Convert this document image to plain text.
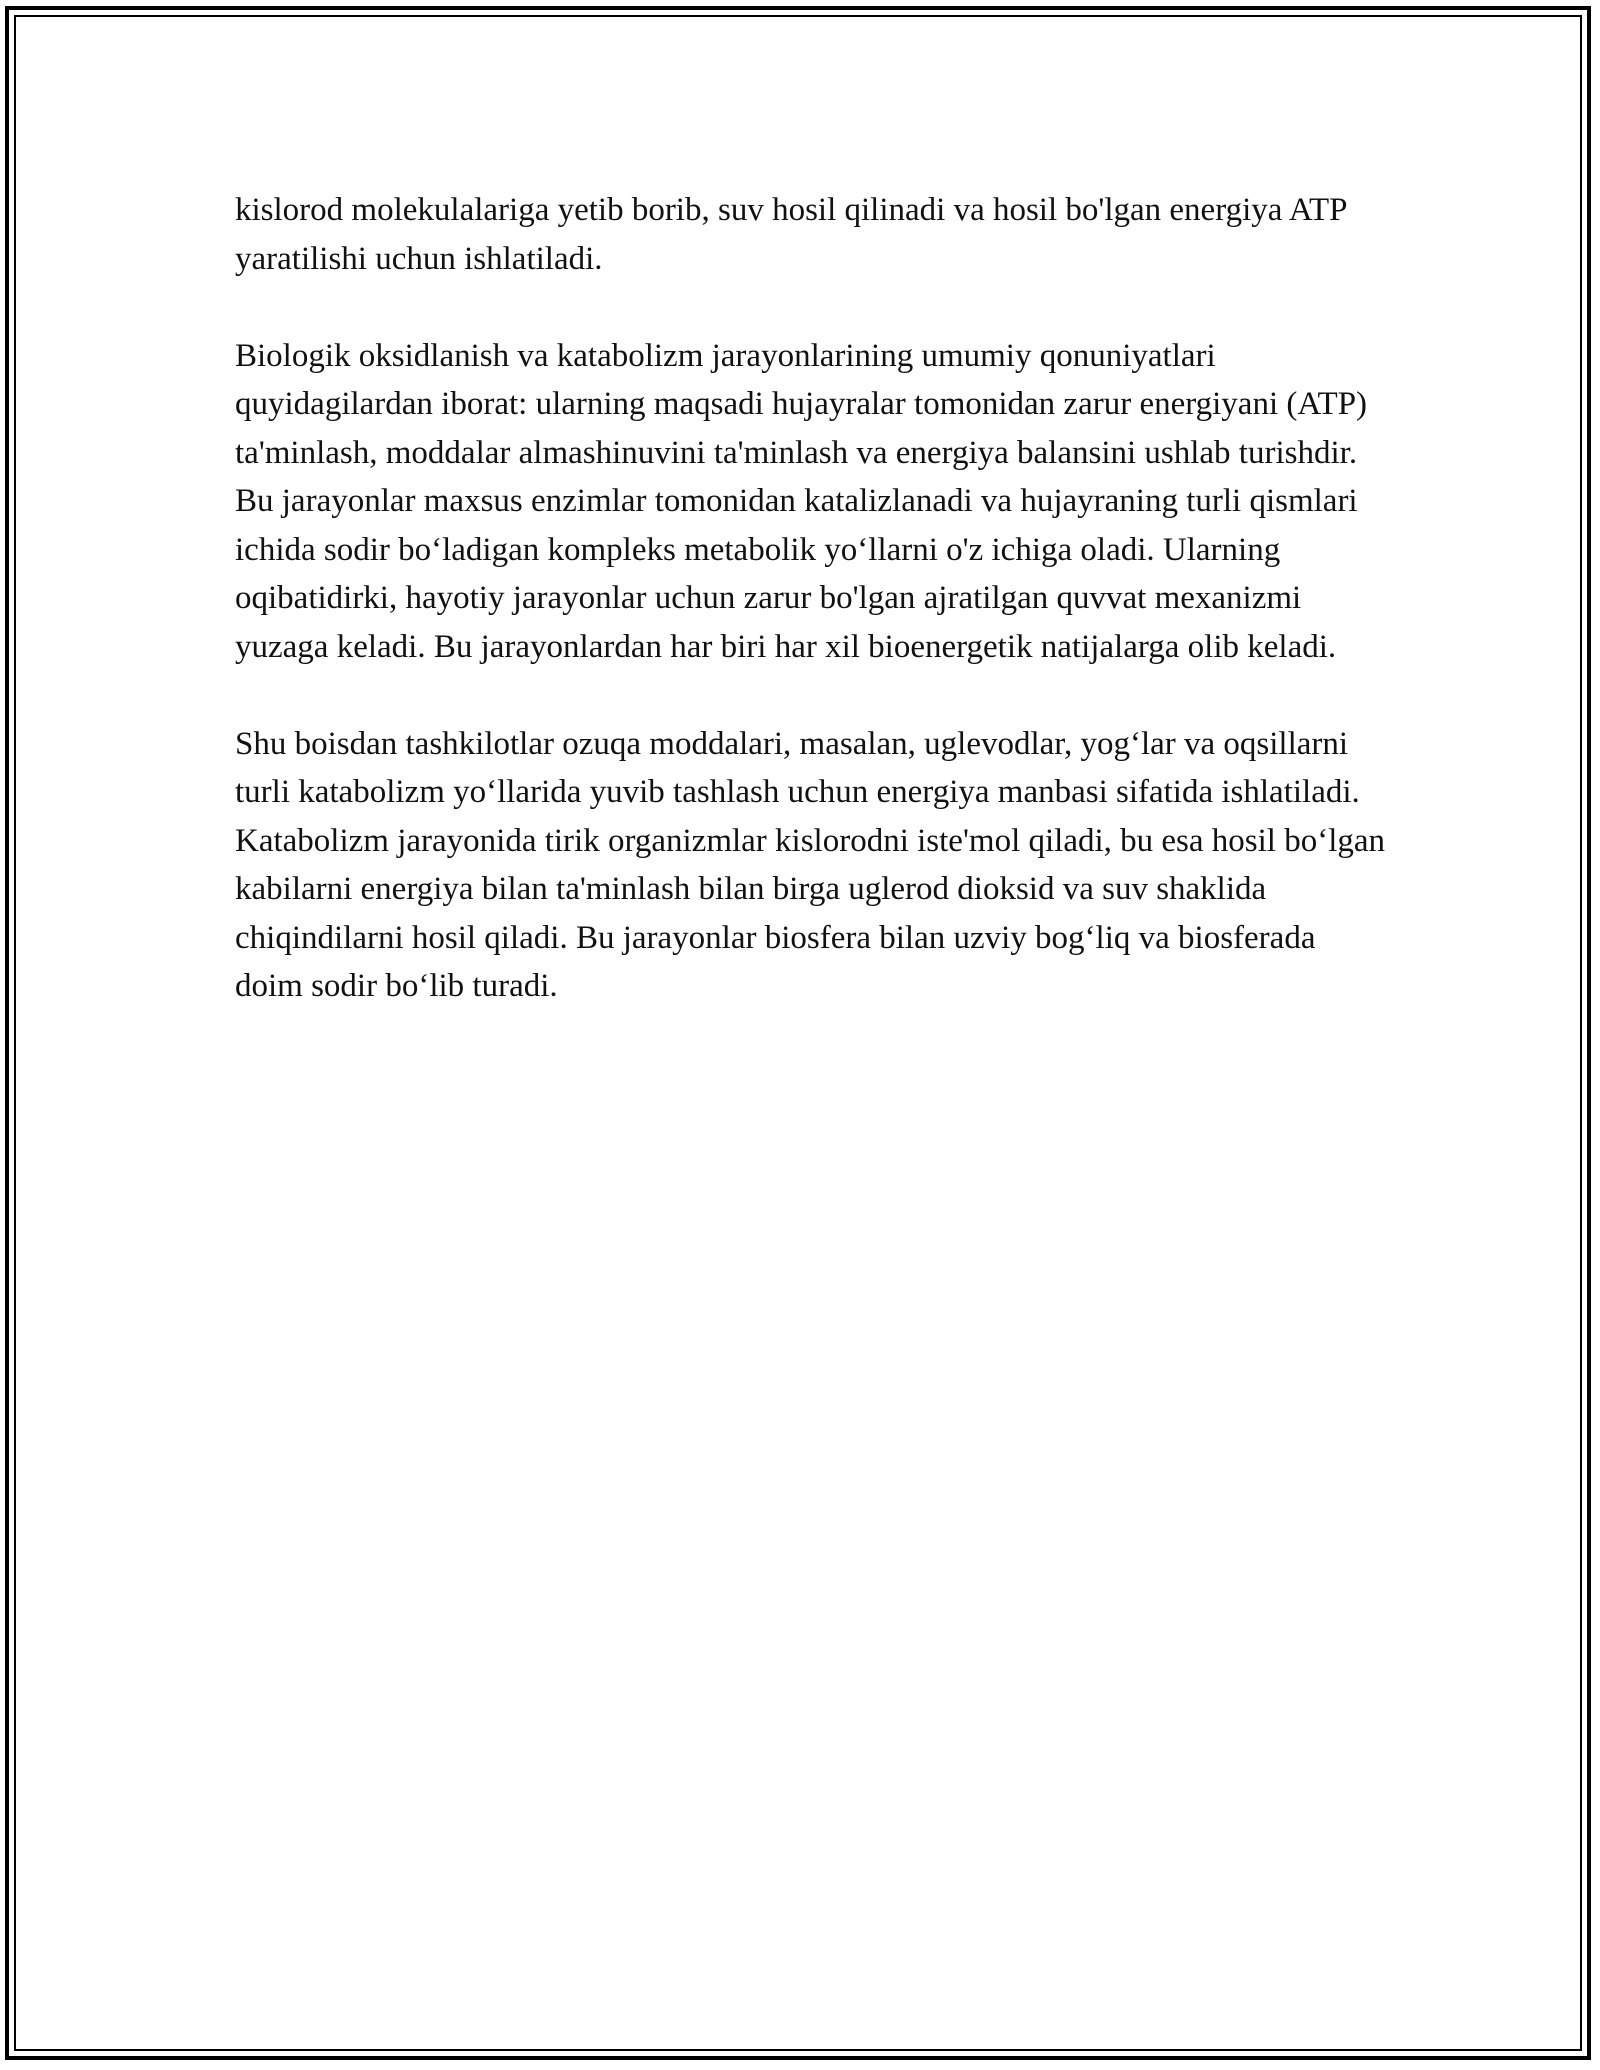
kislorod molekulalariga yetib borib, suv hosil qilinadi va hosil bo'lgan energiya ATP yaratilishi uchun ishlatiladi.

Biologik oksidlanish va katabolizm jarayonlarining umumiy qonuniyatlari quyidagilardan iborat: ularning maqsadi hujayralar tomonidan zarur energiyani (ATP) ta'minlash, moddalar almashinuvini ta'minlash va energiya balansini ushlab turishdir. Bu jarayonlar maxsus enzimlar tomonidan katalizlanadi va hujayraning turli qismlari ichida sodir bo‘ladigan kompleks metabolik yo‘llarni o'z ichiga oladi. Ularning oqibatidirki, hayotiy jarayonlar uchun zarur bo'lgan ajratilgan quvvat mexanizmi yuzaga keladi. Bu jarayonlardan har biri har xil bioenergetik natijalarga olib keladi.

Shu boisdan tashkilotlar ozuqa moddalari, masalan, uglevodlar, yog‘lar va oqsillarni turli katabolizm yo‘llarida yuvib tashlash uchun energiya manbasi sifatida ishlatiladi. Katabolizm jarayonida tirik organizmlar kislorodni iste'mol qiladi, bu esa hosil bo‘lgan kabilarni energiya bilan ta'minlash bilan birga uglerod dioksid va suv shaklida chiqindilarni hosil qiladi. Bu jarayonlar biosfera bilan uzviy bog‘liq va biosferada doim sodir bo‘lib turadi.
